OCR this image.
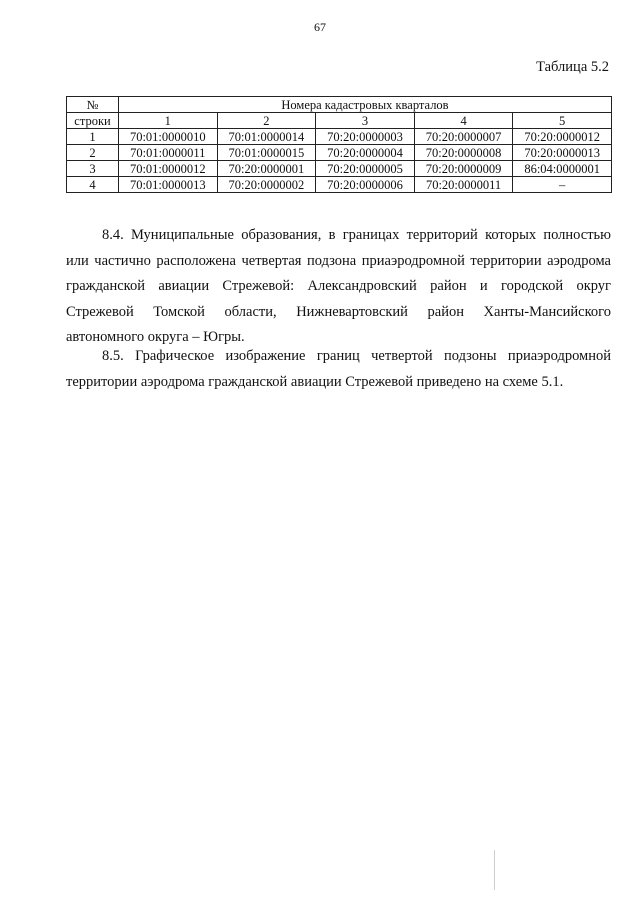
67
Таблица 5.2
№	Номера кадастровых кварталов				
строки	1	2	3	4	5
1	70:01:0000010	70:01:0000014	70:20:0000003	70:20:0000007	70:20:0000012
2	70:01:0000011	70:01:0000015	70:20:0000004	70:20:0000008	70:20:0000013
3	70:01:0000012	70:20:0000001	70:20:0000005	70:20:0000009	86:04:0000001
4	70:01:0000013	70:20:0000002	70:20:0000006	70:20:0000011	–

8.4. Муниципальные образования, в границах территорий которых полностью или частично расположена четвертая подзона приаэродромной территории аэродрома гражданской авиации Стрежевой: Александровский район и городской округ Стрежевой Томской области, Нижневартовский район Ханты-Мансийского автономного округа – Югры.

8.5. Графическое изображение границ четвертой подзоны приаэродромной территории аэродрома гражданской авиации Стрежевой приведено на схеме 5.1.
